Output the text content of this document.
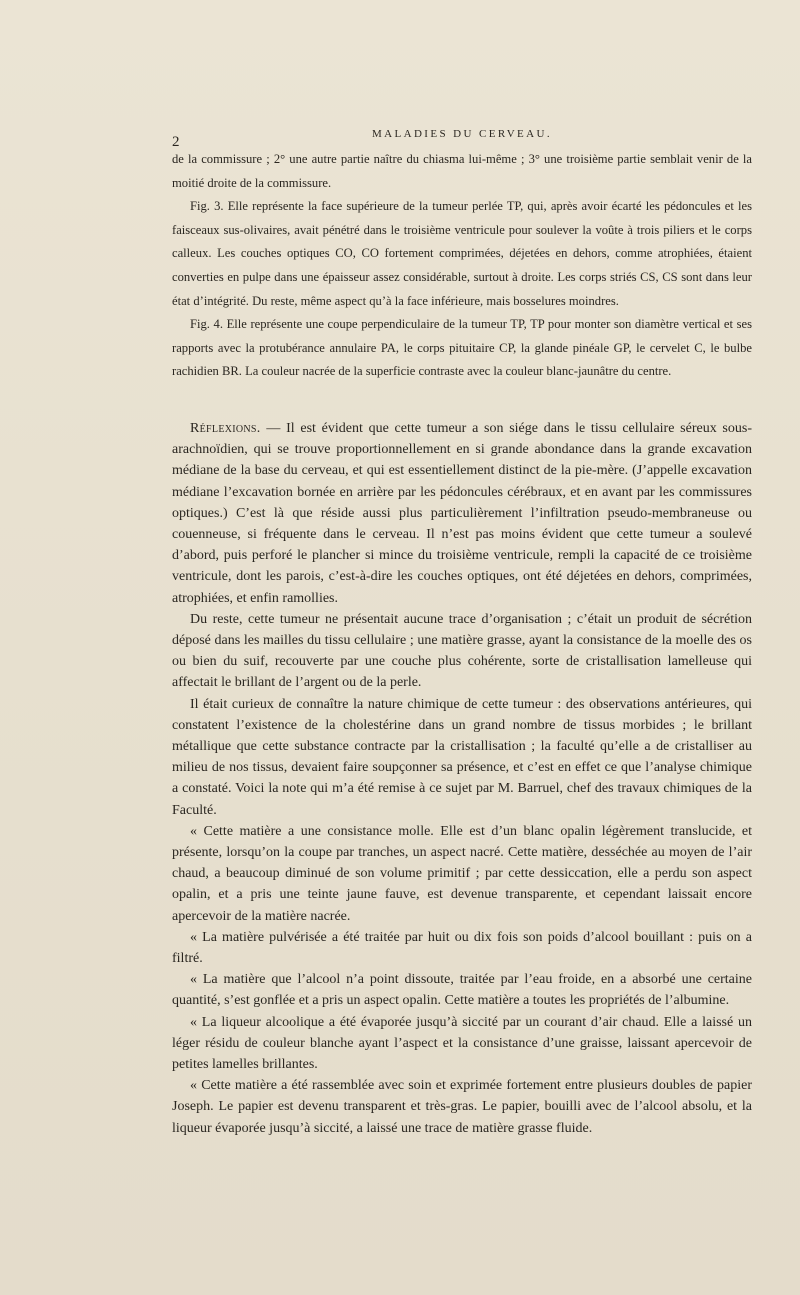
2	MALADIES DU CERVEAU.

de la commissure ; 2° une autre partie naître du chiasma lui-même ; 3° une troisième partie semblait venir de la moitié droite de la commissure.

Fig. 3. Elle représente la face supérieure de la tumeur perlée TP, qui, après avoir écarté les pédoncules et les faisceaux sus-olivaires, avait pénétré dans le troisième ventricule pour soulever la voûte à trois piliers et le corps calleux. Les couches optiques CO, CO fortement comprimées, déjetées en dehors, comme atrophiées, étaient converties en pulpe dans une épaisseur assez considérable, surtout à droite. Les corps striés CS, CS sont dans leur état d’intégrité. Du reste, même aspect qu’à la face inférieure, mais bosselures moindres.

Fig. 4. Elle représente une coupe perpendiculaire de la tumeur TP, TP pour monter son diamètre vertical et ses rapports avec la protubérance annulaire PA, le corps pituitaire CP, la glande pinéale GP, le cervelet C, le bulbe rachidien BR. La couleur nacrée de la superficie contraste avec la couleur blanc-jaunâtre du centre.

Réflexions. — Il est évident que cette tumeur a son siége dans le tissu cellulaire séreux sous-arachnoïdien, qui se trouve proportionnellement en si grande abondance dans la grande excavation médiane de la base du cerveau, et qui est essentiellement distinct de la pie-mère. (J’appelle excavation médiane l’excavation bornée en arrière par les pédoncules cérébraux, et en avant par les commissures optiques.) C’est là que réside aussi plus particulièrement l’infiltration pseudo-membraneuse ou couenneuse, si fréquente dans le cerveau. Il n’est pas moins évident que cette tumeur a soulevé d’abord, puis perforé le plancher si mince du troisième ventricule, rempli la capacité de ce troisième ventricule, dont les parois, c’est-à-dire les couches optiques, ont été déjetées en dehors, comprimées, atrophiées, et enfin ramollies.

Du reste, cette tumeur ne présentait aucune trace d’organisation ; c’était un produit de sécrétion déposé dans les mailles du tissu cellulaire ; une matière grasse, ayant la consistance de la moelle des os ou bien du suif, recouverte par une couche plus cohérente, sorte de cristallisation lamelleuse qui affectait le brillant de l’argent ou de la perle.

Il était curieux de connaître la nature chimique de cette tumeur : des observations antérieures, qui constatent l’existence de la cholestérine dans un grand nombre de tissus morbides ; le brillant métallique que cette substance contracte par la cristallisation ; la faculté qu’elle a de cristalliser au milieu de nos tissus, devaient faire soupçonner sa présence, et c’est en effet ce que l’analyse chimique a constaté. Voici la note qui m’a été remise à ce sujet par M. Barruel, chef des travaux chimiques de la Faculté.

« Cette matière a une consistance molle. Elle est d’un blanc opalin légèrement translucide, et présente, lorsqu’on la coupe par tranches, un aspect nacré. Cette matière, desséchée au moyen de l’air chaud, a beaucoup diminué de son volume primitif ; par cette dessiccation, elle a perdu son aspect opalin, et a pris une teinte jaune fauve, est devenue transparente, et cependant laissait encore apercevoir de la matière nacrée.

« La matière pulvérisée a été traitée par huit ou dix fois son poids d’alcool bouillant : puis on a filtré.

« La matière que l’alcool n’a point dissoute, traitée par l’eau froide, en a absorbé une certaine quantité, s’est gonflée et a pris un aspect opalin. Cette matière a toutes les propriétés de l’albumine.

« La liqueur alcoolique a été évaporée jusqu’à siccité par un courant d’air chaud. Elle a laissé un léger résidu de couleur blanche ayant l’aspect et la consistance d’une graisse, laissant apercevoir de petites lamelles brillantes.

« Cette matière a été rassemblée avec soin et exprimée fortement entre plusieurs doubles de papier Joseph. Le papier est devenu transparent et très-gras. Le papier, bouilli avec de l’alcool absolu, et la liqueur évaporée jusqu’à siccité, a laissé une trace de matière grasse fluide.
